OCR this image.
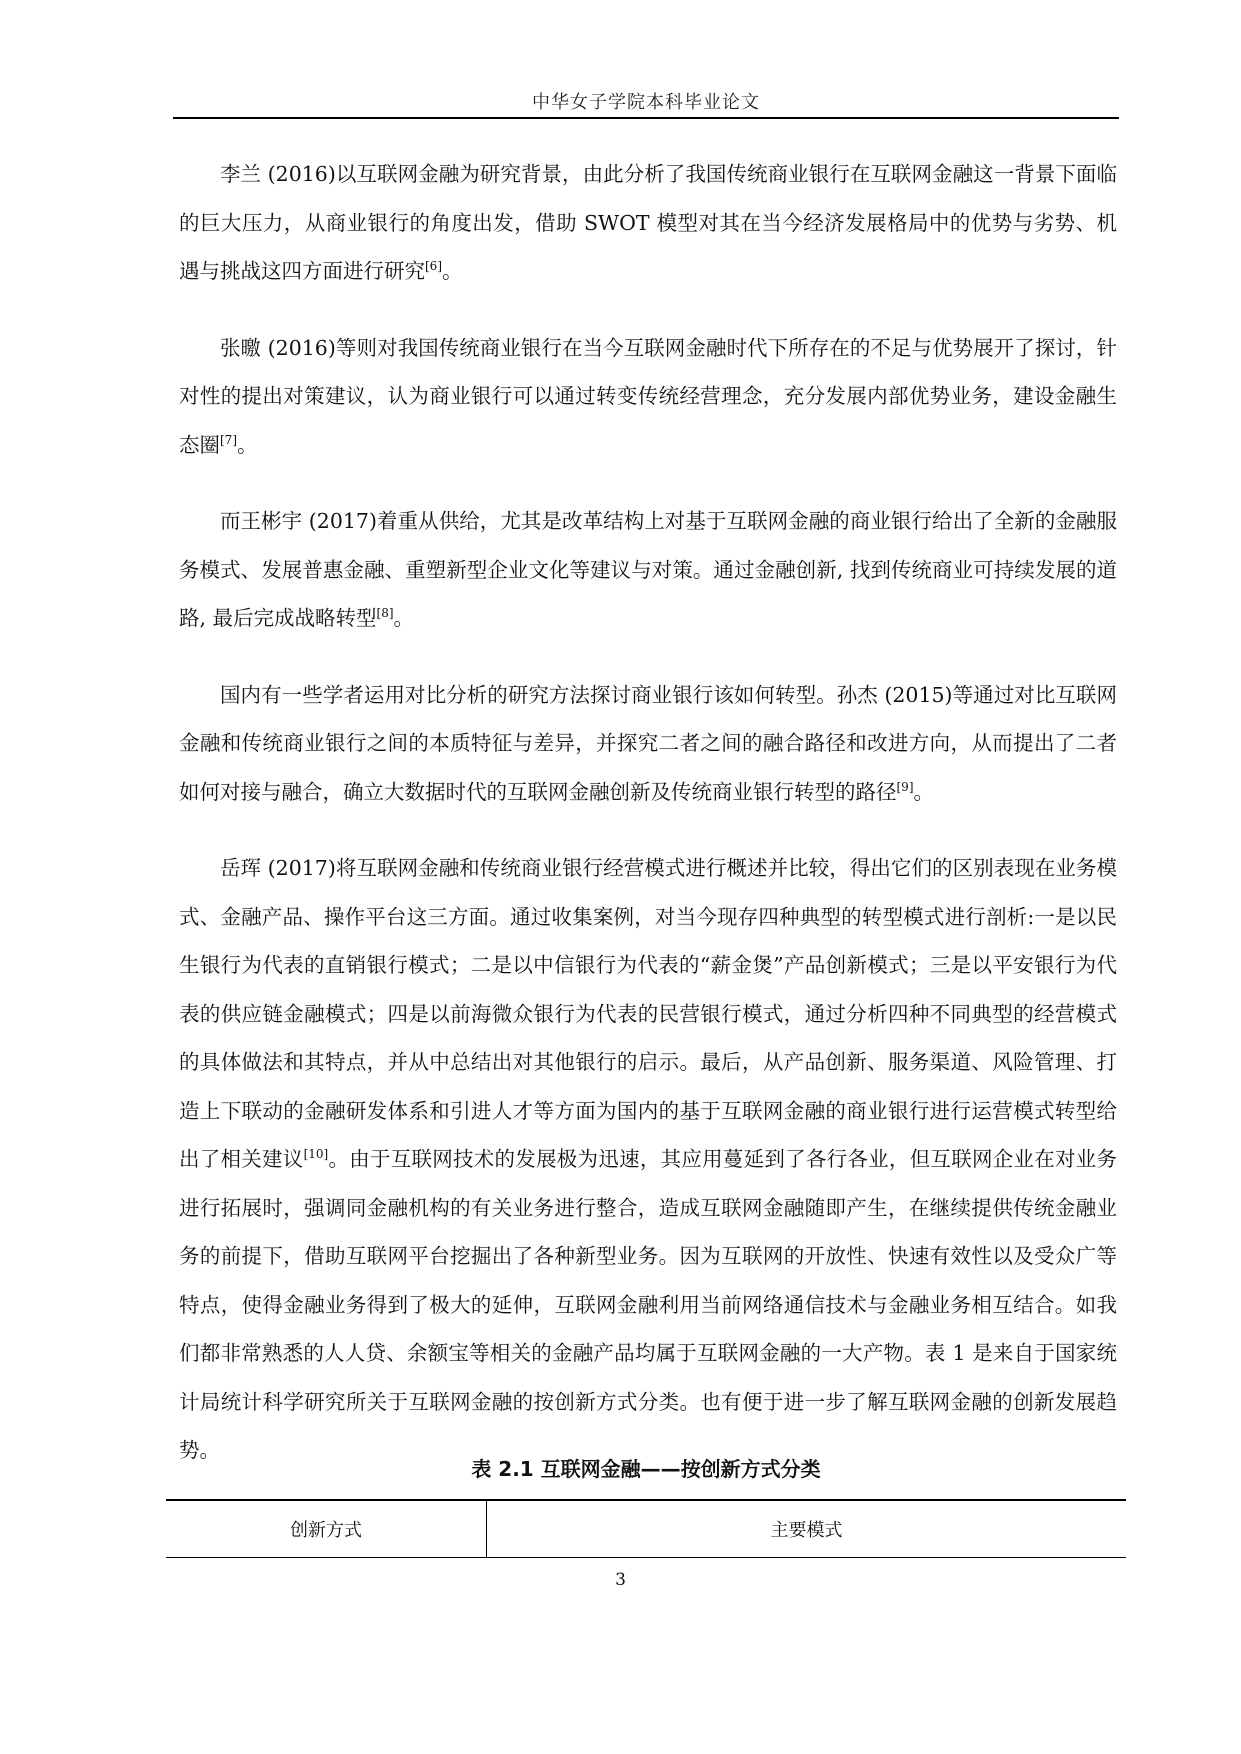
中华女子学院本科毕业论文

李兰 (2016)以互联网金融为研究背景，由此分析了我国传统商业银行在互联网金融这一背景下面临的巨大压力，从商业银行的角度出发，借助 SWOT 模型对其在当今经济发展格局中的优势与劣势、机遇与挑战这四方面进行研究[6]。

张曒 (2016)等则对我国传统商业银行在当今互联网金融时代下所存在的不足与优势展开了探讨，针对性的提出对策建议，认为商业银行可以通过转变传统经营理念，充分发展内部优势业务，建设金融生态圈[7]。

而王彬宇 (2017)着重从供给，尤其是改革结构上对基于互联网金融的商业银行给出了全新的金融服务模式、发展普惠金融、重塑新型企业文化等建议与对策。通过金融创新, 找到传统商业可持续发展的道路, 最后完成战略转型[8]。

国内有一些学者运用对比分析的研究方法探讨商业银行该如何转型。孙杰 (2015)等通过对比互联网金融和传统商业银行之间的本质特征与差异，并探究二者之间的融合路径和改进方向，从而提出了二者如何对接与融合，确立大数据时代的互联网金融创新及传统商业银行转型的路径[9]。

岳珲 (2017)将互联网金融和传统商业银行经营模式进行概述并比较，得出它们的区别表现在业务模式、金融产品、操作平台这三方面。通过收集案例，对当今现存四种典型的转型模式进行剖析:一是以民生银行为代表的直销银行模式；二是以中信银行为代表的“薪金煲”产品创新模式；三是以平安银行为代表的供应链金融模式；四是以前海微众银行为代表的民营银行模式，通过分析四种不同典型的经营模式的具体做法和其特点，并从中总结出对其他银行的启示。最后，从产品创新、服务渠道、风险管理、打造上下联动的金融研发体系和引进人才等方面为国内的基于互联网金融的商业银行进行运营模式转型给出了相关建议[10]。由于互联网技术的发展极为迅速，其应用蔓延到了各行各业，但互联网企业在对业务进行拓展时，强调同金融机构的有关业务进行整合，造成互联网金融随即产生，在继续提供传统金融业务的前提下，借助互联网平台挖掘出了各种新型业务。因为互联网的开放性、快速有效性以及受众广等特点，使得金融业务得到了极大的延伸，互联网金融利用当前网络通信技术与金融业务相互结合。如我们都非常熟悉的人人贷、余额宝等相关的金融产品均属于互联网金融的一大产物。表 1 是来自于国家统计局统计科学研究所关于互联网金融的按创新方式分类。也有便于进一步了解互联网金融的创新发展趋势。

表 2.1 互联网金融——按创新方式分类
创新方式	主要模式
3
